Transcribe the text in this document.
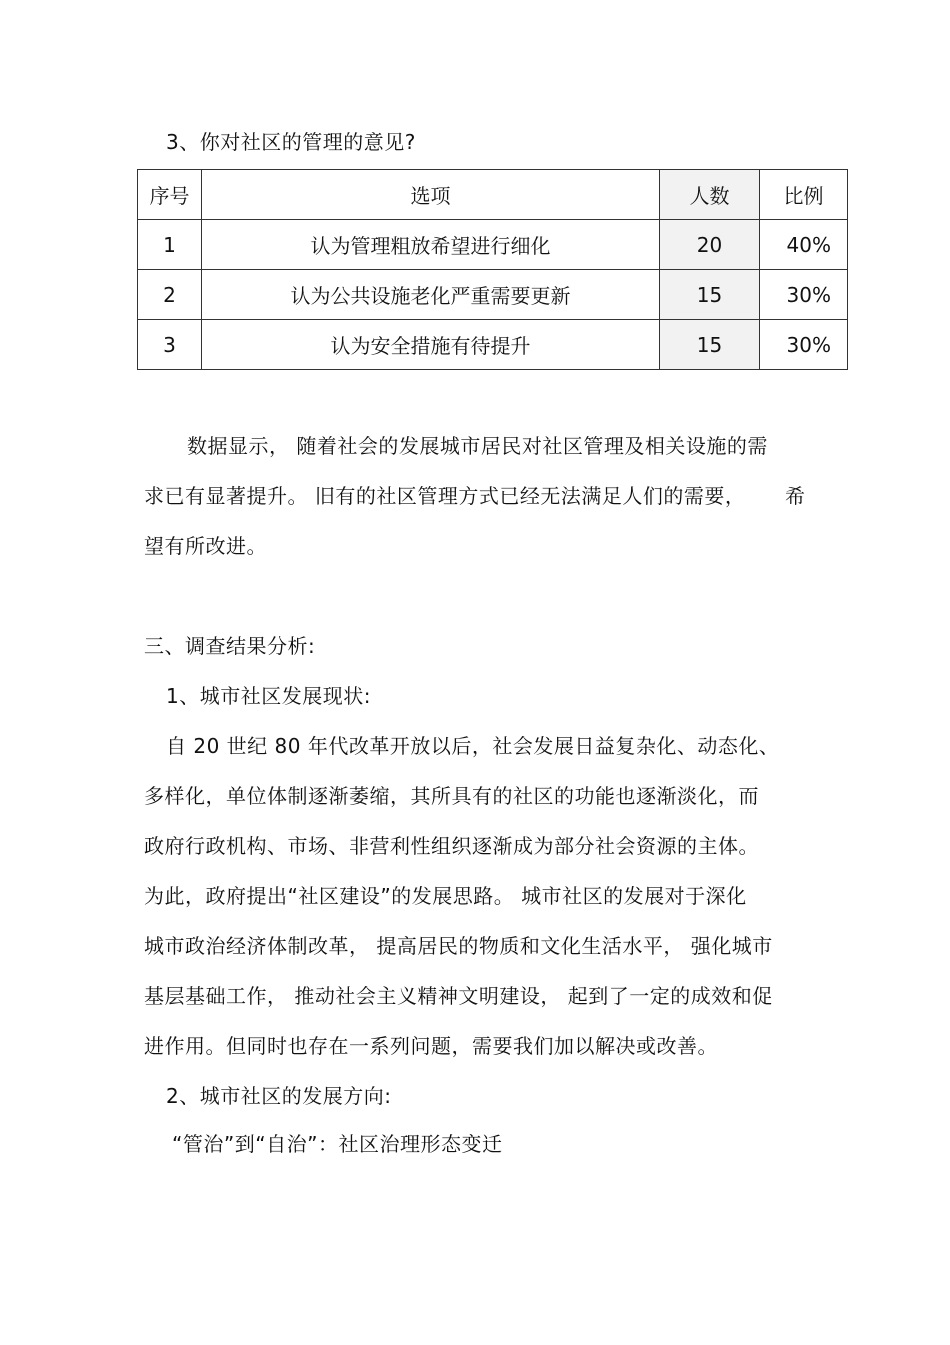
3、你对社区的管理的意见?
序号	选项	人数	比例
1	认为管理粗放希望进行细化	20	40%
2	认为公共设施老化严重需要更新	15	30%
3	认为安全措施有待提升	15	30%
数据显示， 随着社会的发展城市居民对社区管理及相关设施的需
求已有显著提升。 旧有的社区管理方式已经无法满足人们的需要， 希
望有所改进。
三、调查结果分析:
1、城市社区发展现状:
自 20 世纪 80 年代改革开放以后，社会发展日益复杂化、动态化、
多样化，单位体制逐渐萎缩，其所具有的社区的功能也逐渐淡化，而
政府行政机构、市场、非营利性组织逐渐成为部分社会资源的主体。
为此，政府提出“社区建设”的发展思路。 城市社区的发展对于深化
城市政治经济体制改革， 提高居民的物质和文化生活水平， 强化城市
基层基础工作， 推动社会主义精神文明建设， 起到了一定的成效和促
进作用。但同时也存在一系列问题，需要我们加以解决或改善。
2、城市社区的发展方向:
“管治”到“自治”：社区治理形态变迁
